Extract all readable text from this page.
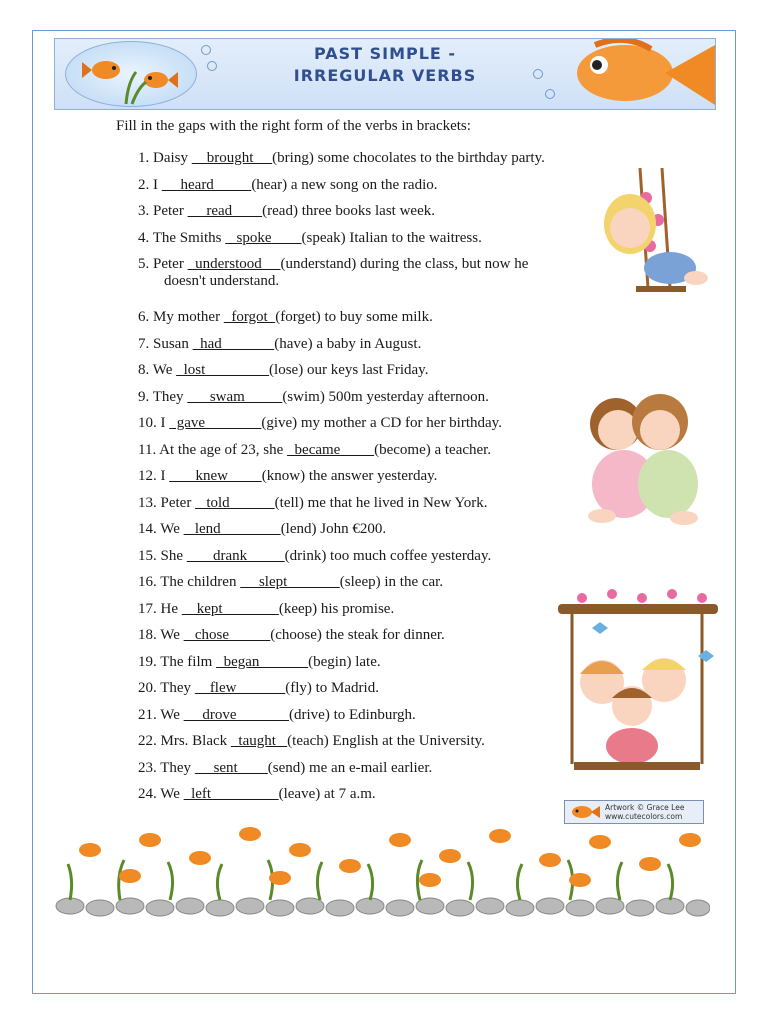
PAST SIMPLE - IRREGULAR VERBS
Fill in the gaps with the right form of the verbs in brackets:
1. Daisy     brought     (bring) some chocolates to the birthday party.
2. I      heard          (hear) a new song on the radio.
3. Peter      read        (read) three books last week.
4. The Smiths    spoke        (speak) Italian to the waitress.
5. Peter   understood     (understand) during the class, but now he
doesn't understand.
6. My mother   forgot  (forget) to buy some milk.
7. Susan   had              (have) a baby in August.
8. We   lost                 (lose) our keys last Friday.
9. They       swam          (swim) 500m yesterday afternoon.
10. I   gave               (give) my mother a CD for her birthday.
11. At the age of 23, she   became         (become) a teacher.
12. I        knew         (know) the answer yesterday.
13. Peter    told            (tell) me that he lived in New York.
14. We    lend                (lend) John €200.
15. She        drank          (drink) too much coffee yesterday.
16. The children      slept              (sleep) in the car.
17. He     kept               (keep) his promise.
18. We    chose           (choose) the steak for dinner.
19. The film   began             (begin) late.
20. They     flew             (fly) to Madrid.
21. We      drove              (drive) to Edinburgh.
22. Mrs. Black   taught   (teach) English at the University.
23. They      sent        (send) me an e-mail earlier.
24. We   left                  (leave) at 7 a.m.
Artwork © Grace Lee
www.cutecolors.com
